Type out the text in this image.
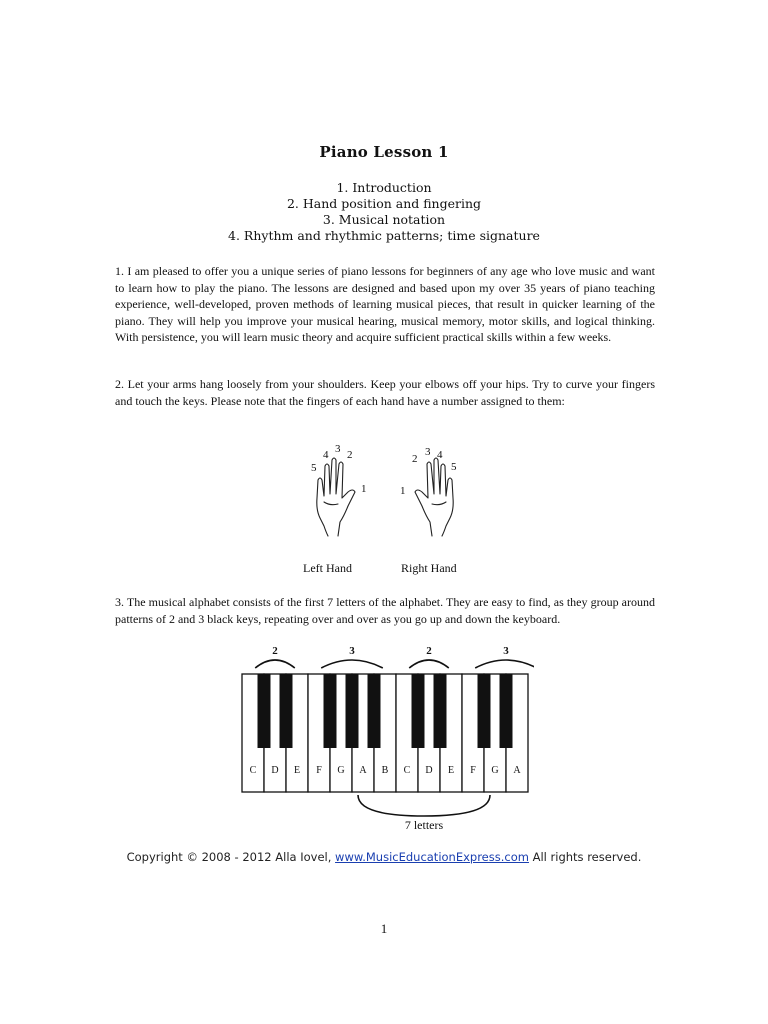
Piano Lesson 1
1. Introduction
2. Hand position and fingering
3. Musical notation
4. Rhythm and rhythmic patterns; time signature
1. I am pleased to offer you a unique series of piano lessons for beginners of any age who love music and want to learn how to play the piano. The lessons are designed and based upon my over 35 years of piano teaching experience, well-developed, proven methods of learning musical pieces, that result in quicker learning of the piano. They will help you improve your musical hearing, musical memory, motor skills, and logical thinking. With persistence, you will learn music theory and acquire sufficient practical skills within a few weeks.
2. Let your arms hang loosely from your shoulders. Keep your elbows off your hips. Try to curve your fingers and touch the keys. Please note that the fingers of each hand have a number assigned to them:
5
4 3 2
1	1
2
3 4
5
Left Hand	Right Hand
3. The musical alphabet consists of the first 7 letters of the alphabet. They are easy to find, as they group around patterns of 2 and 3 black keys, repeating over and over as you go up and down the keyboard.
C D E F G A B C D E F G A
2	3	2	3
7 letters
Copyright © 2008 - 2012 Alla Iovel, www.MusicEducationExpress.com All rights reserved.
1
